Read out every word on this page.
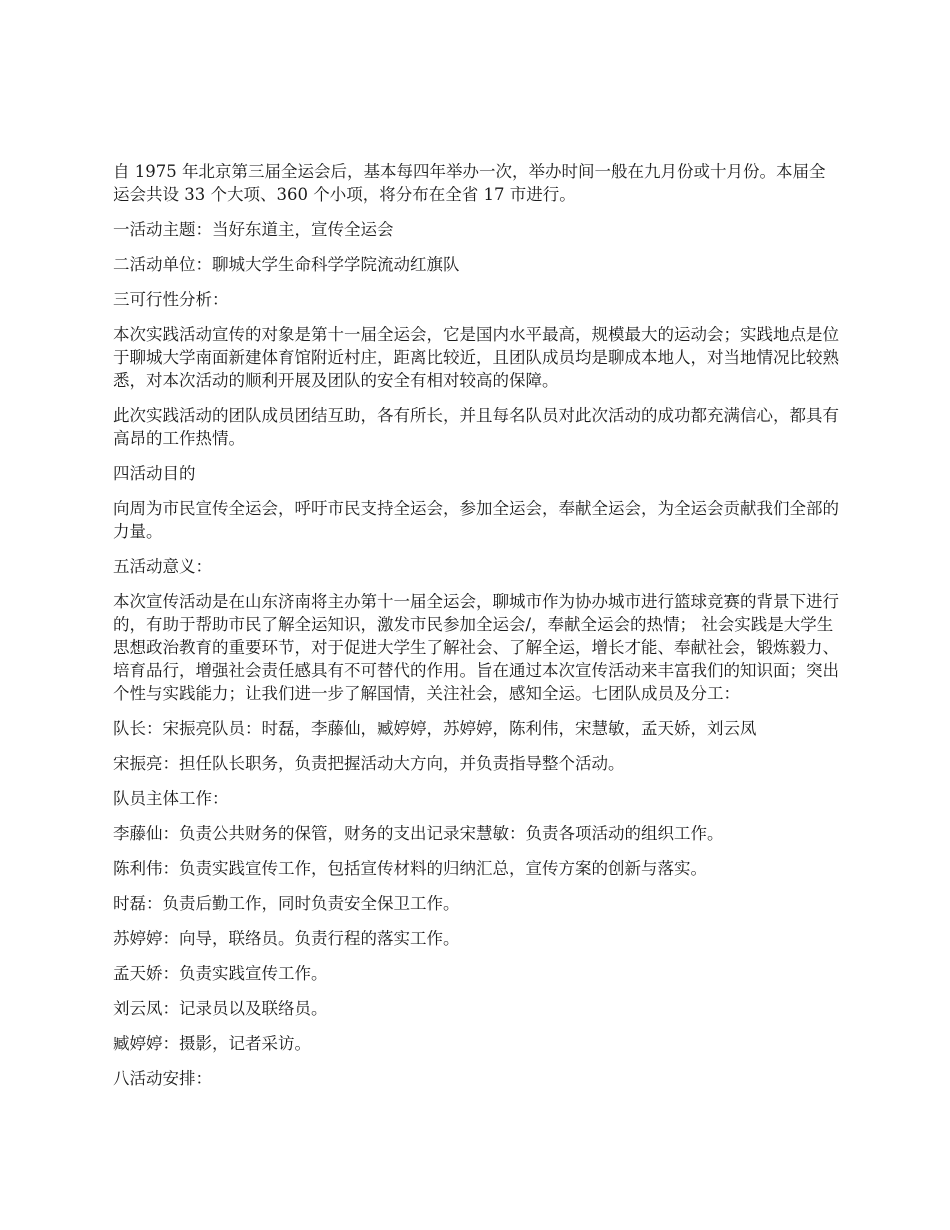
自 1975 年北京第三届全运会后，基本每四年举办一次，举办时间一般在九月份或十月份。本届全运会共设 33 个大项、360 个小项，将分布在全省 17 市进行。

一活动主题：当好东道主，宣传全运会

二活动单位：聊城大学生命科学学院流动红旗队

三可行性分析：

本次实践活动宣传的对象是第十一届全运会，它是国内水平最高，规模最大的运动会；实践地点是位于聊城大学南面新建体育馆附近村庄，距离比较近，且团队成员均是聊成本地人，对当地情况比较熟悉，对本次活动的顺利开展及团队的安全有相对较高的保障。

此次实践活动的团队成员团结互助，各有所长，并且每名队员对此次活动的成功都充满信心，都具有高昂的工作热情。

四活动目的

向周为市民宣传全运会，呼吁市民支持全运会，参加全运会，奉献全运会，为全运会贡献我们全部的力量。

五活动意义：

本次宣传活动是在山东济南将主办第十一届全运会，聊城市作为协办城市进行篮球竞赛的背景下进行的，有助于帮助市民了解全运知识，激发市民参加全运会/，奉献全运会的热情； 社会实践是大学生思想政治教育的重要环节，对于促进大学生了解社会、了解全运，增长才能、奉献社会，锻炼毅力、培育品行，增强社会责任感具有不可替代的作用。旨在通过本次宣传活动来丰富我们的知识面；突出个性与实践能力；让我们进一步了解国情，关注社会，感知全运。七团队成员及分工：

队长：宋振亮队员：时磊，李藤仙，臧婷婷，苏婷婷，陈利伟，宋慧敏，孟天娇，刘云凤

宋振亮：担任队长职务，负责把握活动大方向，并负责指导整个活动。

队员主体工作：

李藤仙：负责公共财务的保管，财务的支出记录宋慧敏：负责各项活动的组织工作。

陈利伟：负责实践宣传工作，包括宣传材料的归纳汇总，宣传方案的创新与落实。

时磊：负责后勤工作，同时负责安全保卫工作。

苏婷婷：向导，联络员。负责行程的落实工作。

孟天娇：负责实践宣传工作。

刘云凤：记录员以及联络员。

臧婷婷：摄影，记者采访。

八活动安排：
